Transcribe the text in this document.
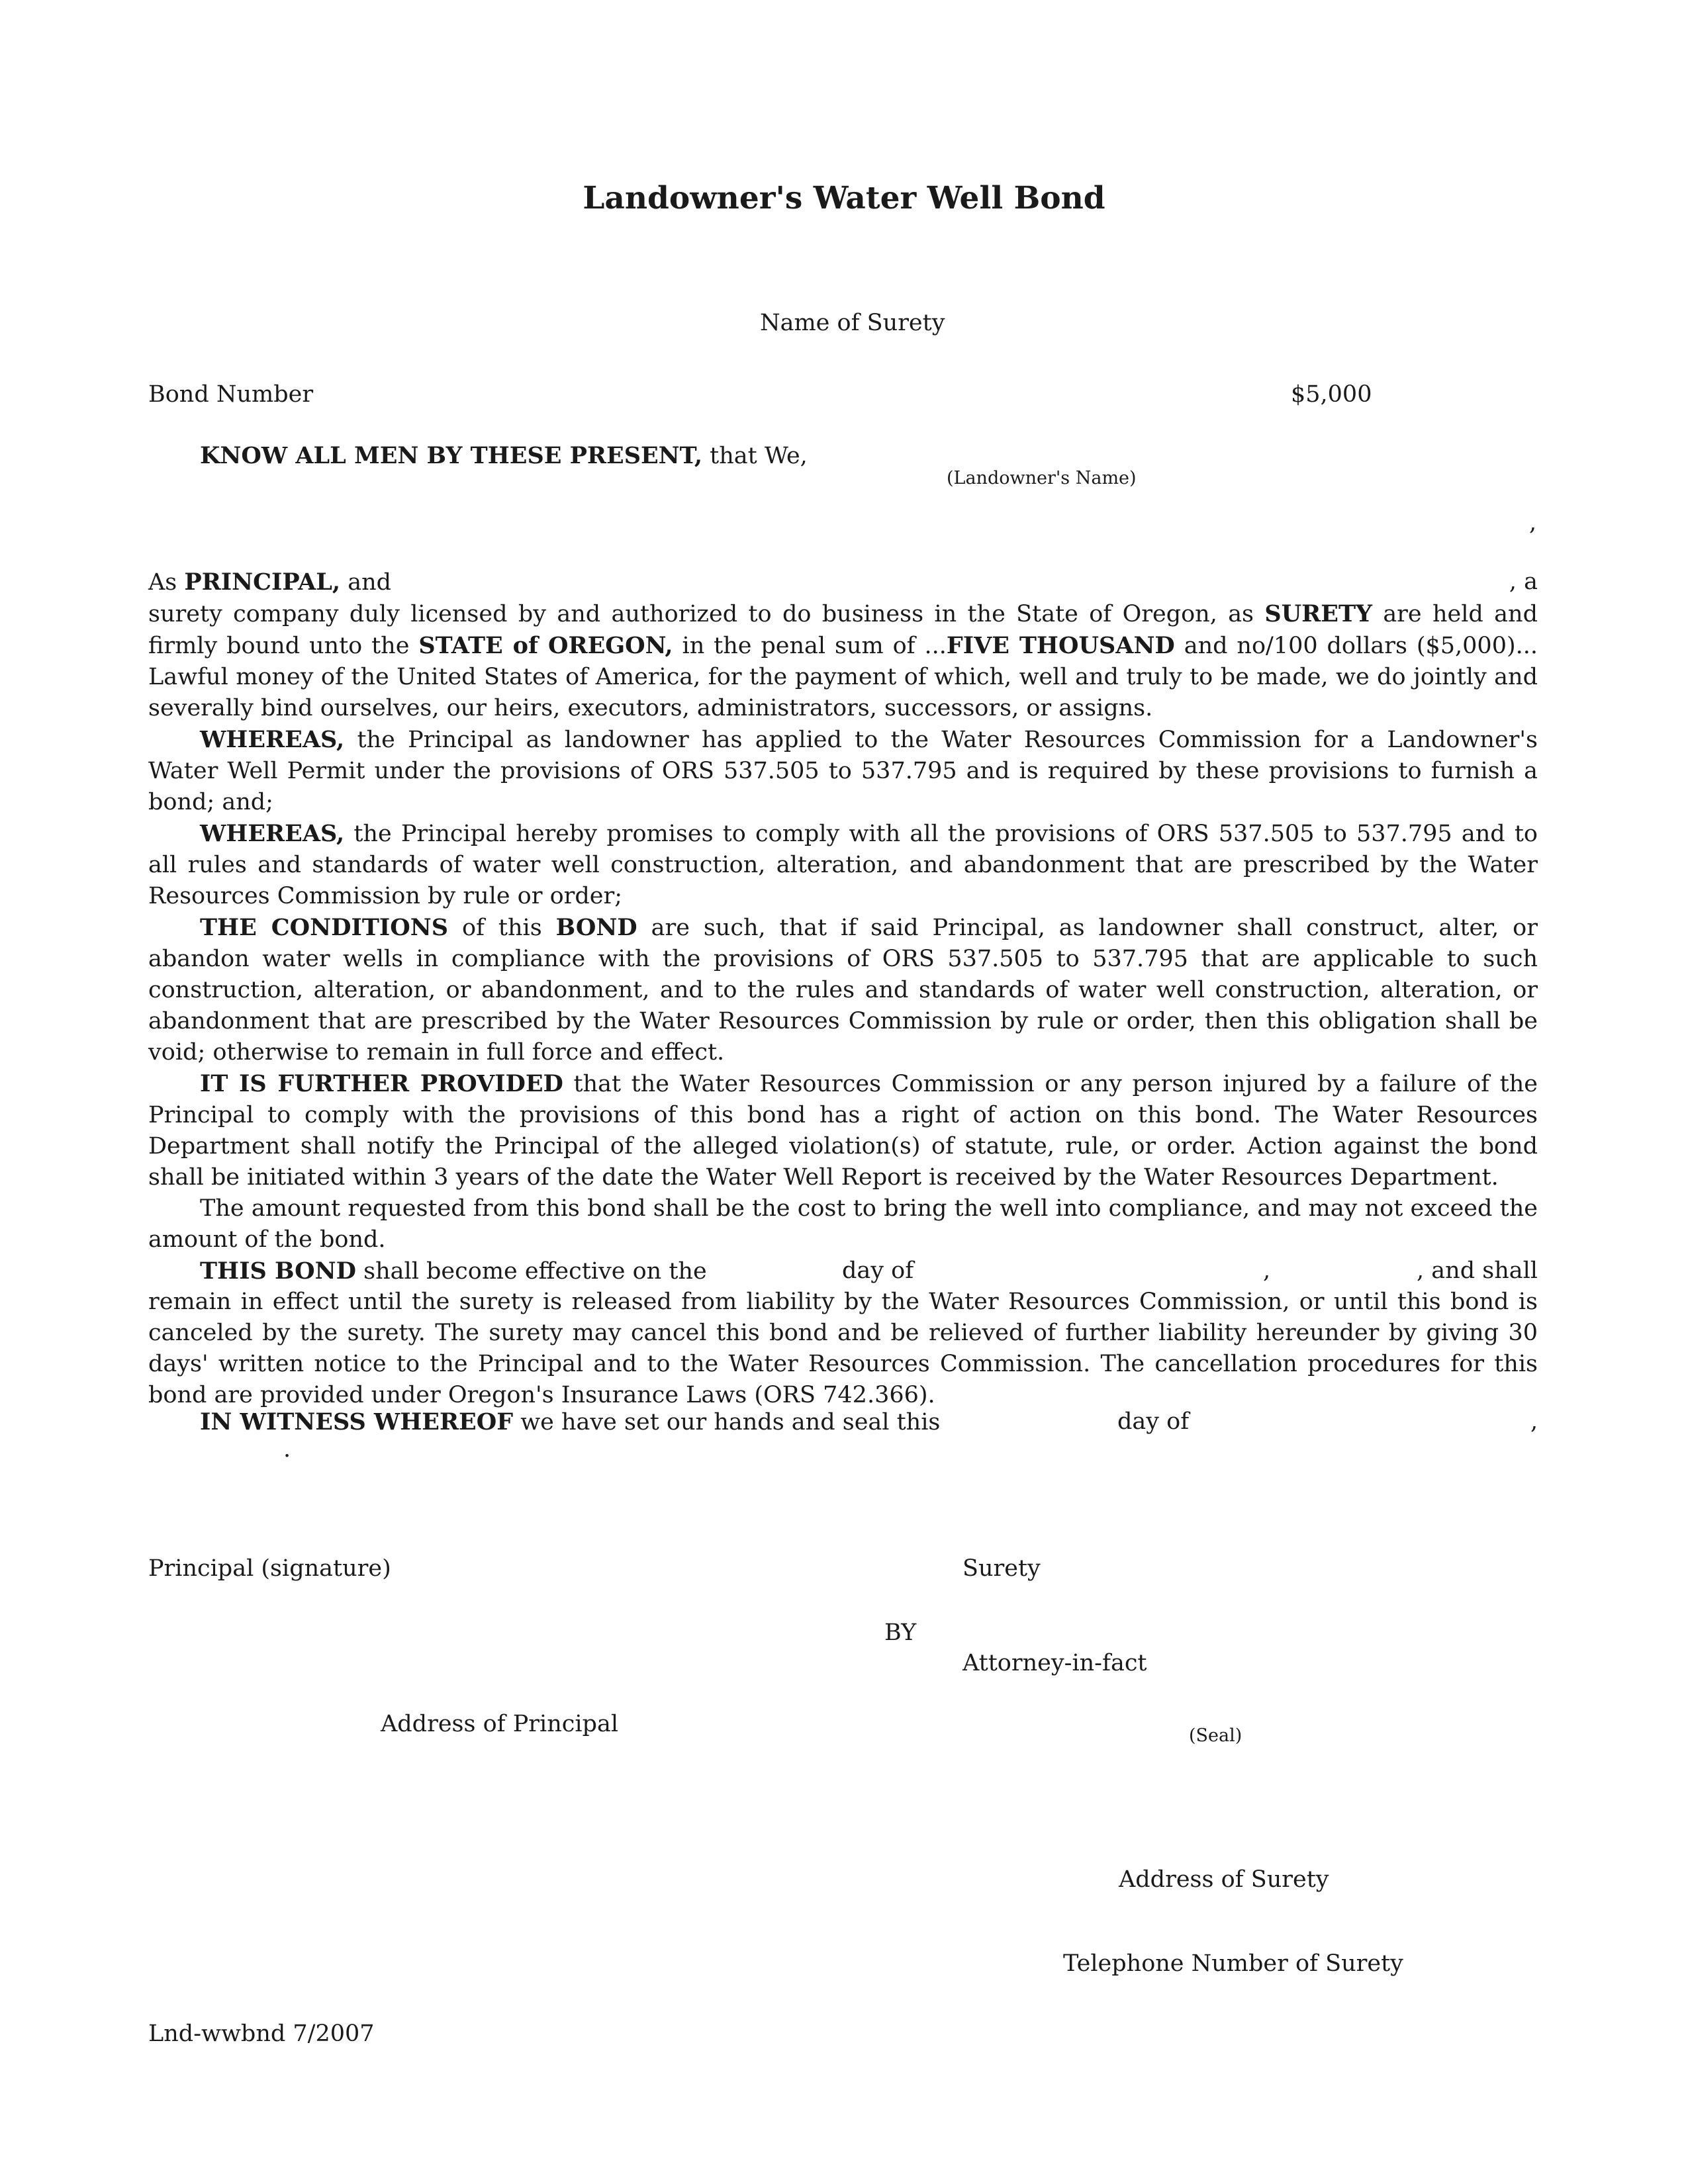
Landowner's Water Well Bond
Name of Surety
Bond Number	$5,000
KNOW ALL MEN BY THESE PRESENT, that We,
(Landowner's Name)
,
As PRINCIPAL, and	, a

surety company duly licensed by and authorized to do business in the State of Oregon, as SURETY are held and firmly bound unto the STATE of OREGON, in the penal sum of ...FIVE THOUSAND and no/100 dollars ($5,000)... Lawful money of the United States of America, for the payment of which, well and truly to be made, we do jointly and severally bind ourselves, our heirs, executors, administrators, successors, or assigns.

WHEREAS, the Principal as landowner has applied to the Water Resources Commission for a Landowner's Water Well Permit under the provisions of ORS 537.505 to 537.795 and is required by these provisions to furnish a bond; and;

WHEREAS, the Principal hereby promises to comply with all the provisions of ORS 537.505 to 537.795 and to all rules and standards of water well construction, alteration, and abandonment that are prescribed by the Water Resources Commission by rule or order;

THE CONDITIONS of this BOND are such, that if said Principal, as landowner shall construct, alter, or abandon water wells in compliance with the provisions of ORS 537.505 to 537.795 that are applicable to such construction, alteration, or abandonment, and to the rules and standards of water well construction, alteration, or abandonment that are prescribed by the Water Resources Commission by rule or order, then this obligation shall be void; otherwise to remain in full force and effect.

IT IS FURTHER PROVIDED that the Water Resources Commission or any person injured by a failure of the Principal to comply with the provisions of this bond has a right of action on this bond. The Water Resources Department shall notify the Principal of the alleged violation(s) of statute, rule, or order. Action against the bond shall be initiated within 3 years of the date the Water Well Report is received by the Water Resources Department.

The amount requested from this bond shall be the cost to bring the well into compliance, and may not exceed the amount of the bond.

THIS BOND shall become effective on the	day of	,	, and shall

remain in effect until the surety is released from liability by the Water Resources Commission, or until this bond is canceled by the surety. The surety may cancel this bond and be relieved of further liability hereunder by giving 30 days' written notice to the Principal and to the Water Resources Commission. The cancellation procedures for this bond are provided under Oregon's Insurance Laws (ORS 742.366).

IN WITNESS WHEREOF we have set our hands and seal this	day of	,
.
Principal (signature)	Surety
BY
Attorney-in-fact
Address of Principal	(Seal)
Address of Surety
Telephone Number of Surety
Lnd-wwbnd 7/2007
